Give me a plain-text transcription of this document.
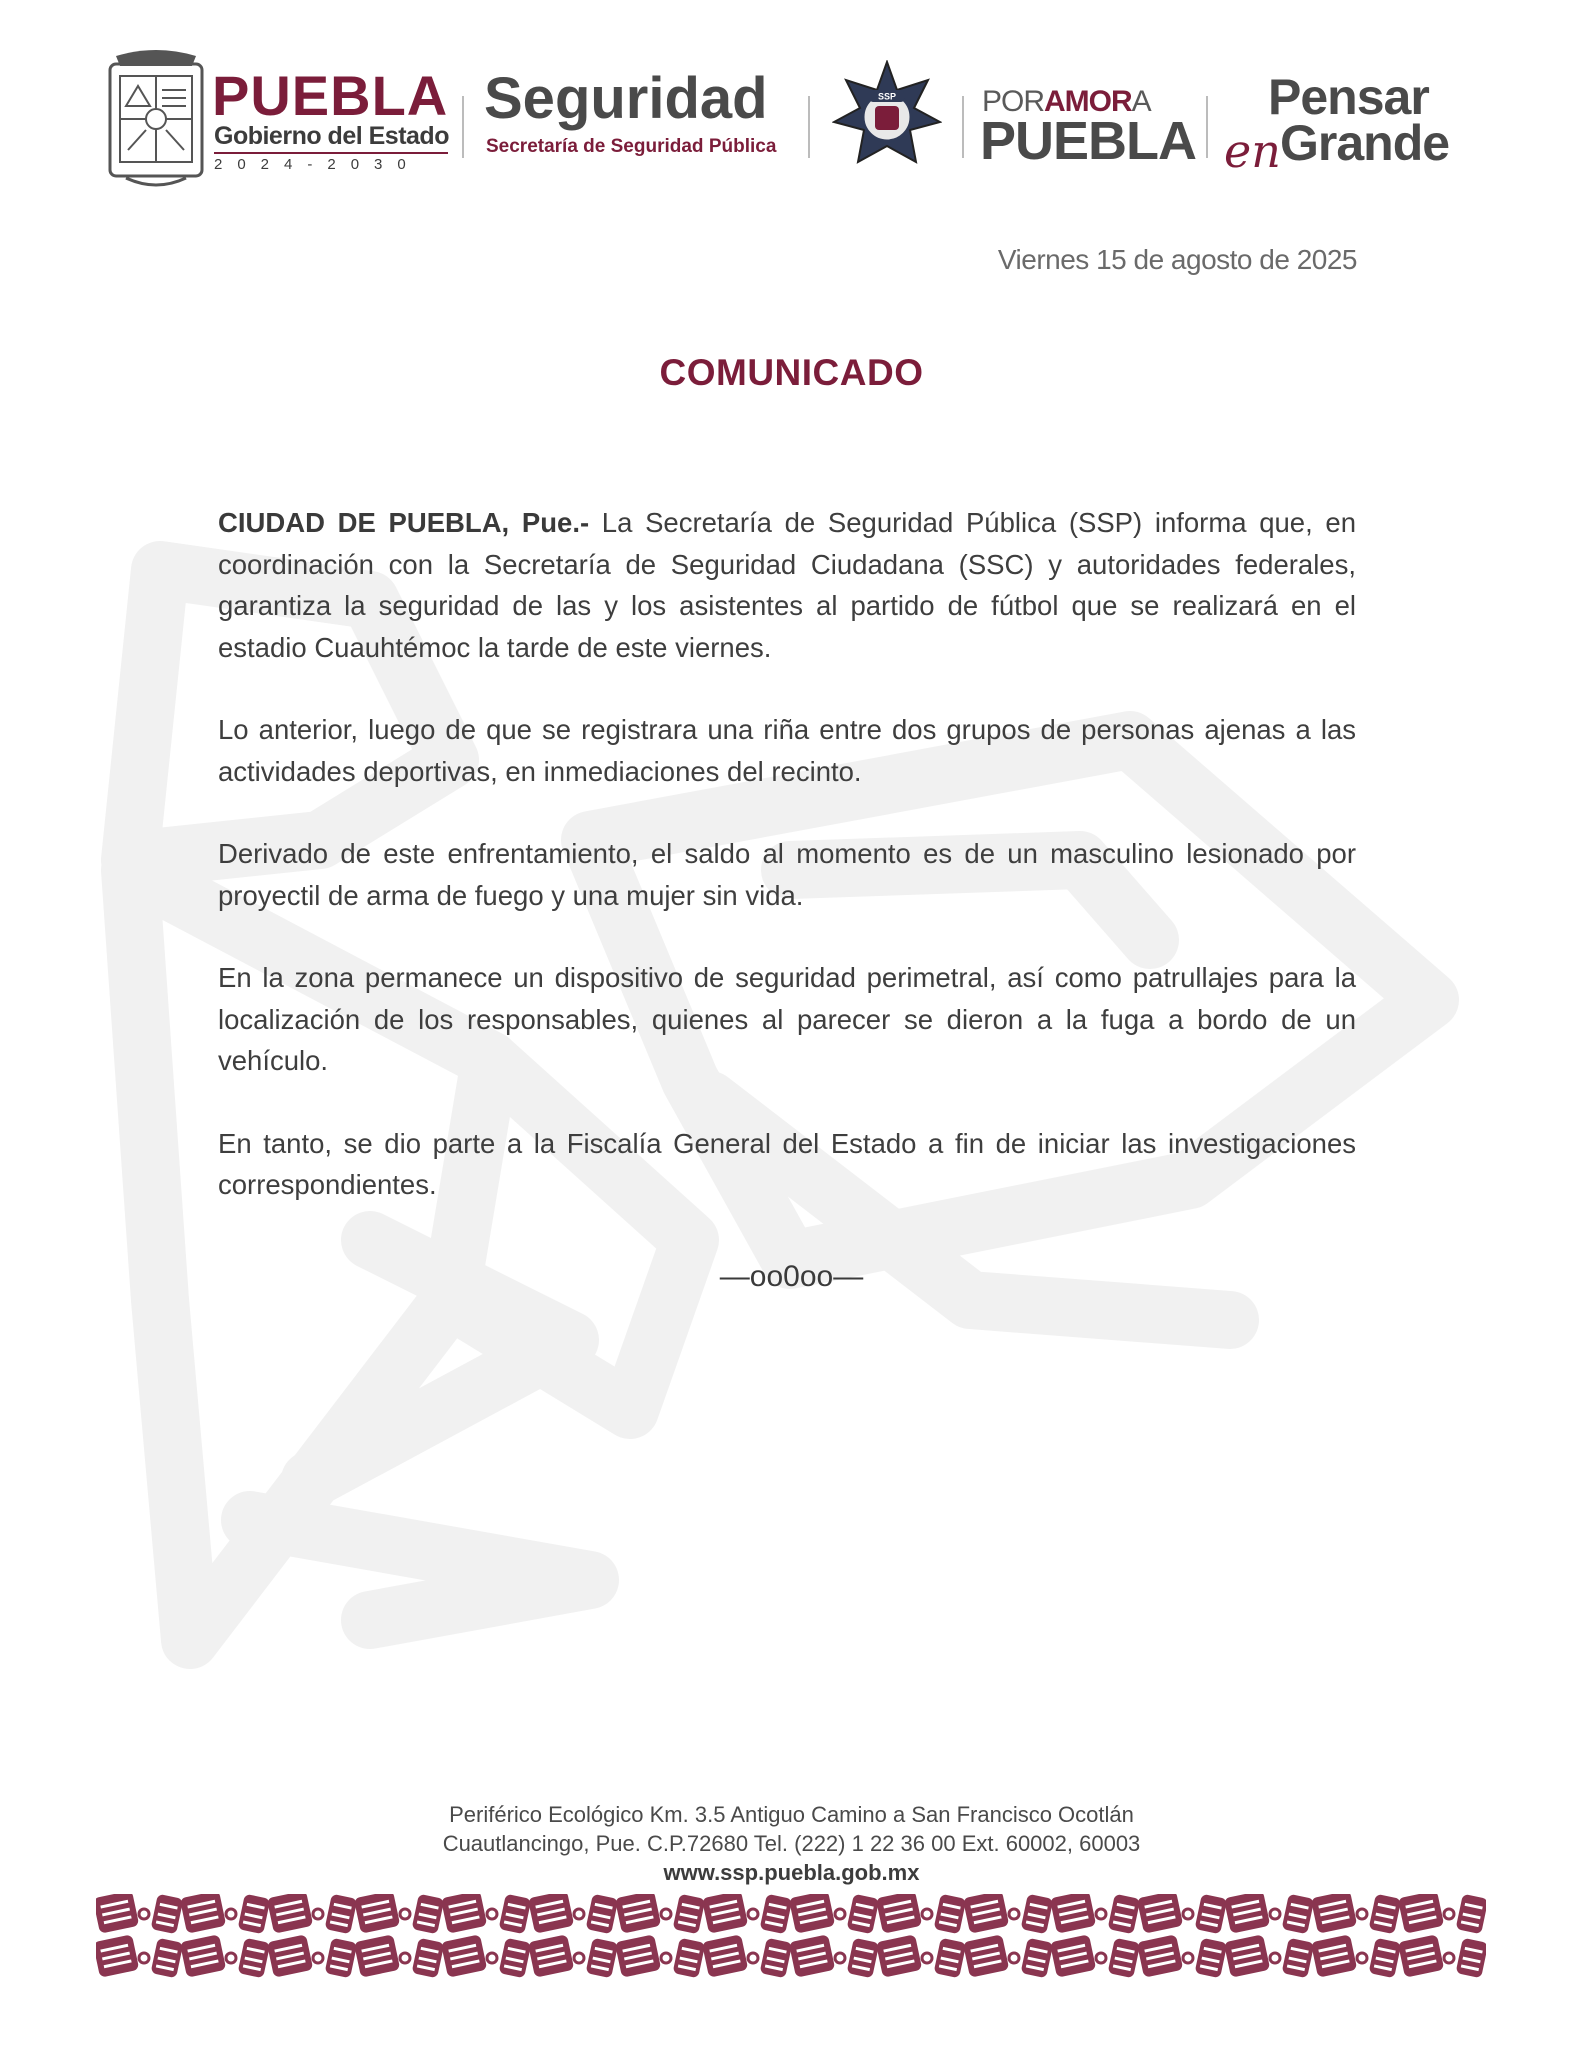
PUEBLA
Gobierno del Estado
2024-2030
Seguridad
Secretaría de Seguridad Pública
SSP	PORAMORA
PUEBLA
Pensar
en Grande
Viernes 15 de agosto de 2025
COMUNICADO

CIUDAD DE PUEBLA, Pue.- La Secretaría de Seguridad Pública (SSP) informa que, en coordinación con la Secretaría de Seguridad Ciudadana (SSC) y autoridades federales, garantiza la seguridad de las y los asistentes al partido de fútbol que se realizará en el estadio Cuauhtémoc la tarde de este viernes.

Lo anterior, luego de que se registrara una riña entre dos grupos de personas ajenas a las actividades deportivas, en inmediaciones del recinto.

Derivado de este enfrentamiento, el saldo al momento es de un masculino lesionado por proyectil de arma de fuego y una mujer sin vida.

En la zona permanece un dispositivo de seguridad perimetral, así como patrullajes para la localización de los responsables, quienes al parecer se dieron a la fuga a bordo de un vehículo.

En tanto, se dio parte a la Fiscalía General del Estado a fin de iniciar las investigaciones correspondientes.

—oo0oo—
Periférico Ecológico Km. 3.5 Antiguo Camino a San Francisco Ocotlán
Cuautlancingo, Pue. C.P.72680 Tel. (222) 1 22 36 00 Ext. 60002, 60003
www.ssp.puebla.gob.mx
